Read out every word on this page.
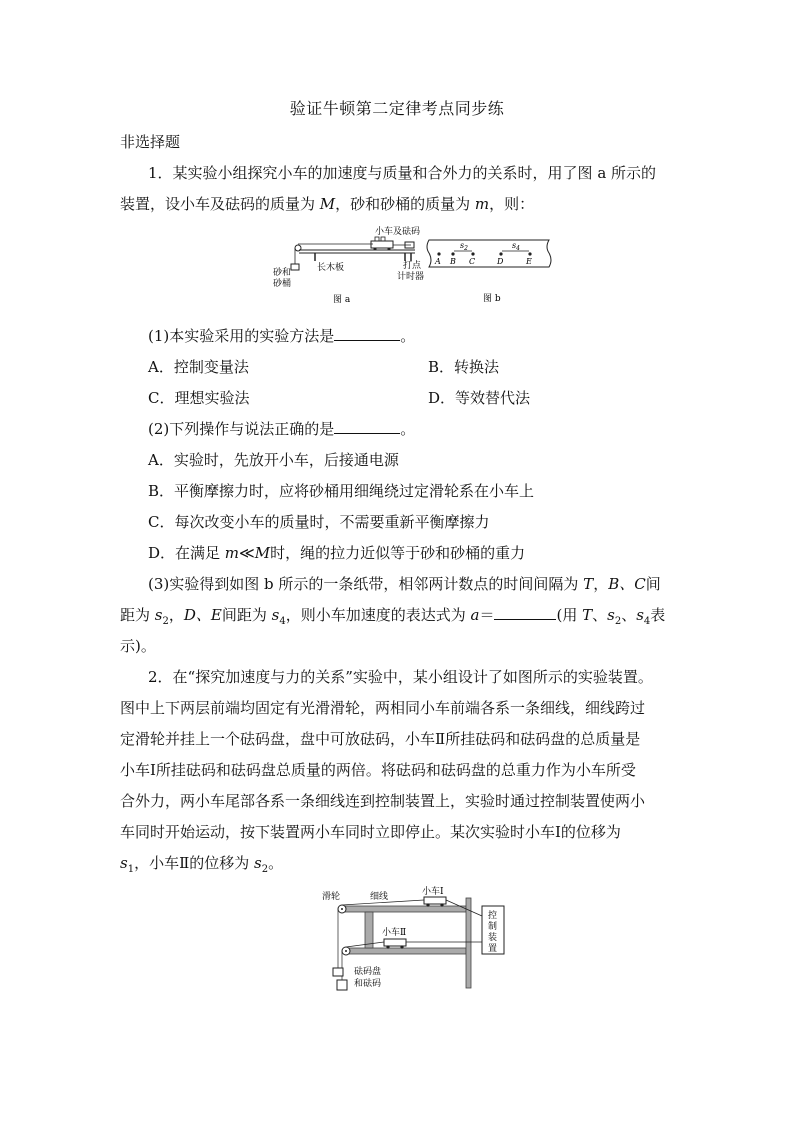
验证牛顿第二定律考点同步练
非选择题
1．某实验小组探究小车的加速度与质量和合外力的关系时，用了图 a 所示的
装置，设小车及砝码的质量为 M，砂和砂桶的质量为 m，则：
小车及砝码
长木板
砂和
砂桶
打点
计时器
图 a
$s_2$	$s_4$
A B C	D	E
图 b
(1)本实验采用的实验方法是	。
A．控制变量法	B．转换法
C．理想实验法	D．等效替代法
(2)下列操作与说法正确的是	。
A．实验时，先放开小车，后接通电源
B．平衡摩擦力时，应将砂桶用细绳绕过定滑轮系在小车上
C．每次改变小车的质量时，不需要重新平衡摩擦力
D．在满足 m≪M时，绳的拉力近似等于砂和砂桶的重力
(3)实验得到如图 b 所示的一条纸带，相邻两计数点的时间间隔为 T，B、C间
距为 $s_2$，D、E间距为 $s_4$，则小车加速度的表达式为 a＝	(用 T、$s_2$、$s_4$表
示)。
2．在“探究加速度与力的关系”实验中，某小组设计了如图所示的实验装置。
图中上下两层前端均固定有光滑滑轮，两相同小车前端各系一条细线，细线跨过
定滑轮并挂上一个砝码盘，盘中可放砝码，小车Ⅱ所挂砝码和砝码盘的总质量是
小车Ⅰ所挂砝码和砝码盘总质量的两倍。将砝码和砝码盘的总重力作为小车所受
合外力，两小车尾部各系一条细线连到控制装置上，实验时通过控制装置使两小
车同时开始运动，按下装置两小车同时立即停止。某次实验时小车Ⅰ的位移为
$s_1$，小车Ⅱ的位移为 $s_2$。
滑轮	细线	小车Ⅰ
小车Ⅱ
控
制
装
置
砝码盘
和砝码
